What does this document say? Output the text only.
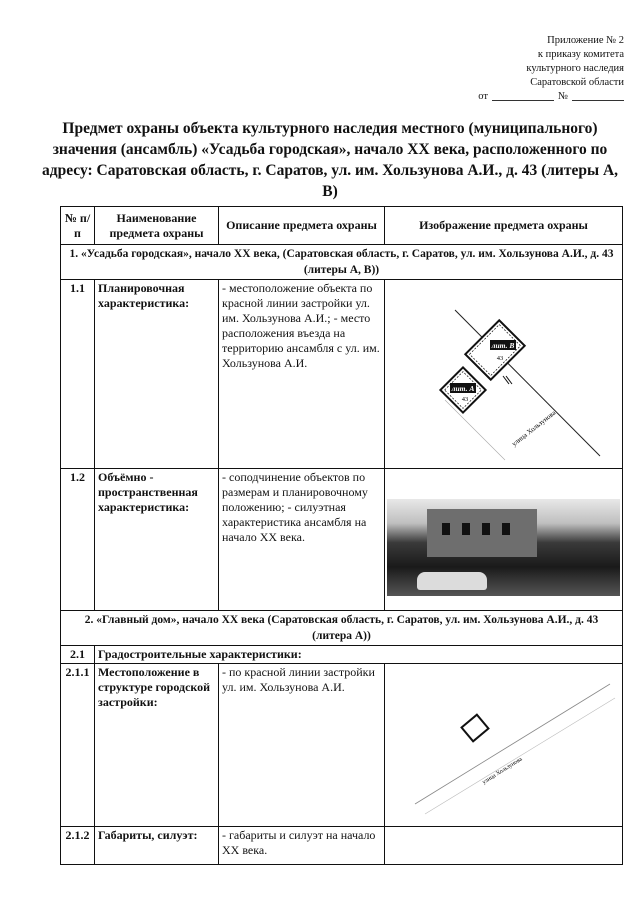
Приложение № 2
к приказу комитета
культурного наследия
Саратовской области
от	№
Предмет охраны объекта культурного наследия местного (муниципального) значения (ансамбль) «Усадьба городская», начало XX века, расположенного по адресу: Саратовская область, г. Саратов, ул. им. Хользунова А.И., д. 43 (литеры А, В)
№ п/п	Наименование предмета охраны	Описание предмета охраны	Изображение предмета охраны
1. «Усадьба городская», начало XX века, (Саратовская область, г. Саратов, ул. им. Хользунова А.И., д. 43 (литеры А, В))			
1.1	Планировочная характеристика:	- местоположение объекта по красной линии застройки ул. им. Хользунова А.И.; - место расположения въезда на территорию ансамбля с ул. им. Хользунова А.И.	лит. В
43
лит. А
43
улица Хользунова

1.2	Объёмно - пространственная характеристика:	- соподчинение объектов по размерам и планировочному положению; - силуэтная характеристика ансамбля на начало XX века.	

2. «Главный дом», начало XX века (Саратовская область, г. Саратов, ул. им. Хользунова А.И., д. 43 (литера А))			
2.1	Градостроительные характеристики:		
2.1.1	Местоположение в структуре городской застройки:	- по красной линии застройки ул. им. Хользунова А.И.	улица Хользунова

2.1.2	Габариты, силуэт:	- габариты и силуэт на начало XX века.	
